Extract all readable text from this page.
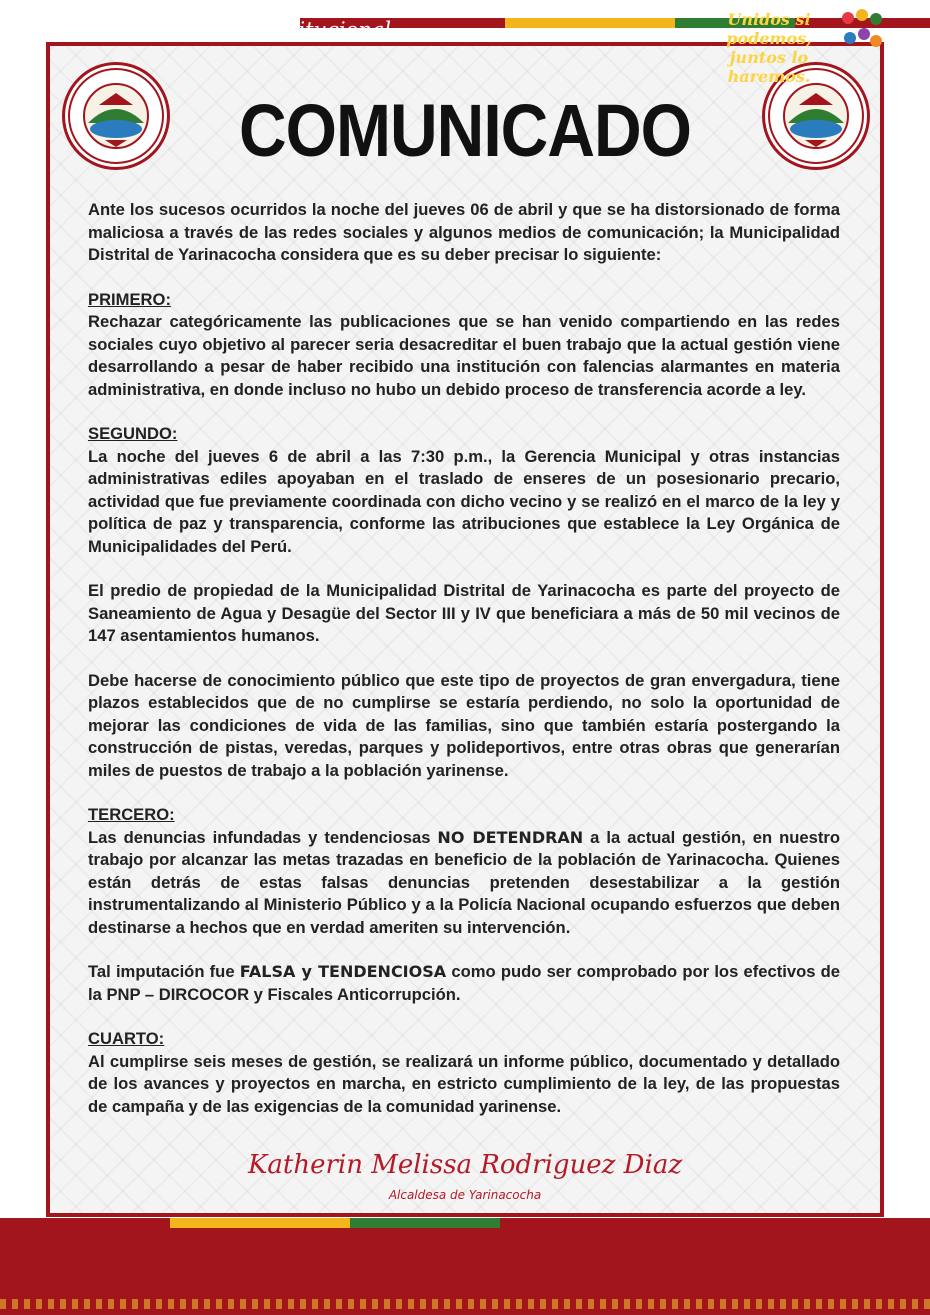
COMUNICADO

Ante los sucesos ocurridos la noche del jueves 06 de abril y que se ha distorsionado de forma maliciosa a través de las redes sociales y algunos medios de comunicación; la Municipalidad Distrital de Yarinacocha considera que es su deber precisar lo siguiente:

PRIMERO:

Rechazar categóricamente las publicaciones que se han venido compartiendo en las redes sociales cuyo objetivo al parecer seria desacreditar el buen trabajo que la actual gestión viene desarrollando a pesar de haber recibido una institución con falencias alarmantes en materia administrativa, en donde incluso no hubo un debido proceso de transferencia acorde a ley.

SEGUNDO:

La noche del jueves 6 de abril a las 7:30 p.m., la Gerencia Municipal y otras instancias administrativas ediles apoyaban en el traslado de enseres de un posesionario precario, actividad que fue previamente coordinada con dicho vecino y se realizó en el marco de la ley y política de paz y transparencia, conforme las atribuciones que establece la Ley Orgánica de Municipalidades del Perú.

El predio de propiedad de la Municipalidad Distrital de Yarinacocha es parte del proyecto de Saneamiento de Agua y Desagüe del Sector III y IV que beneficiara a más de 50 mil vecinos de 147 asentamientos humanos.

Debe hacerse de conocimiento público que este tipo de proyectos de gran envergadura, tiene plazos establecidos que de no cumplirse se estaría perdiendo, no solo la oportunidad de mejorar las condiciones de vida de las familias, sino que también estaría postergando la construcción de pistas, veredas, parques y polideportivos, entre otras obras que generarían miles de puestos de trabajo a la población yarinense.

TERCERO:

Las denuncias infundadas y tendenciosas NO DETENDRAN a la actual gestión, en nuestro trabajo por alcanzar las metas trazadas en beneficio de la población de Yarinacocha. Quienes están detrás de estas falsas denuncias pretenden desestabilizar a la gestión instrumentalizando al Ministerio Público y a la Policía Nacional ocupando esfuerzos que deben destinarse a hechos que en verdad ameriten su intervención.

Tal imputación fue FALSA y TENDENCIOSA como pudo ser comprobado por los efectivos de la PNP – DIRCOCOR y Fiscales Anticorrupción.

CUARTO:

Al cumplirse seis meses de gestión, se realizará un informe público, documentado y detallado de los avances y proyectos en marcha, en estricto cumplimiento de la ley, de las propuestas de campaña y de las exigencias de la comunidad yarinense.

Katherin Melissa Rodriguez Diaz
Alcaldesa de Yarinacocha
Unidad de Imagen Institucional	Unidos si podemos,
juntos lo haremos.
